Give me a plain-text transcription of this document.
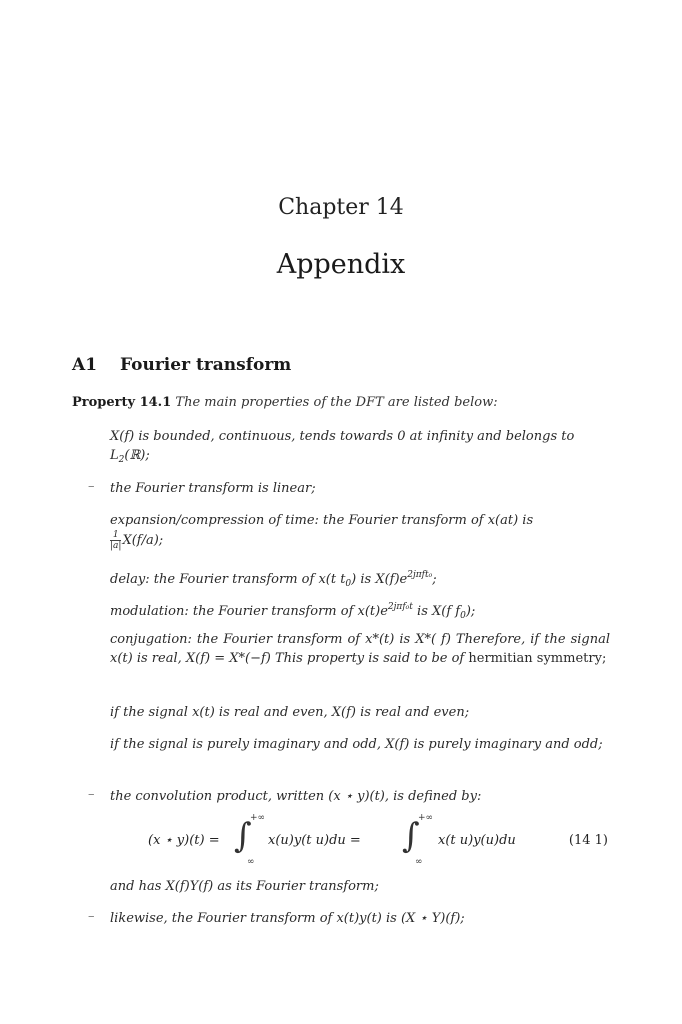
Chapter 14
Appendix
A1 Fourier transform
Property 14.1 The main properties of the DFT are listed below:
X(f) is bounded, continuous, tends towards 0 at infinity and belongs to
$L_2(ℝ)$;
– the Fourier transform is linear;
expansion/compression of time: the Fourier transform of x(at) is

$\frac{1}{|a|} X(f/a)$;
delay: the Fourier transform of x(t $t_0$) is $X(f)e^{2j\pi ft_0}$;
modulation: the Fourier transform of $x(t)e^{2j\pi f_0t}$ is X(f $f_0$);
conjugation: the Fourier transform of x*(t) is X*( f) Therefore, if the signal x(t) is real, X(f) = X*(−f) This property is said to be of hermitian symmetry;
if the signal x(t) is real and even, X(f) is real and even;
if the signal is purely imaginary and odd, X(f) is purely imaginary and odd;
– the convolution product, written (x ⋆ y)(t), is defined by:
(x ⋆ y)(t) =
+∞
∫
∞
x(u)y(t u)du =
+∞
∫
∞
x(t u)y(u)du	(14 1)
and has X(f)Y(f) as its Fourier transform;
– likewise, the Fourier transform of x(t)y(t) is (X ⋆ Y)(f);
